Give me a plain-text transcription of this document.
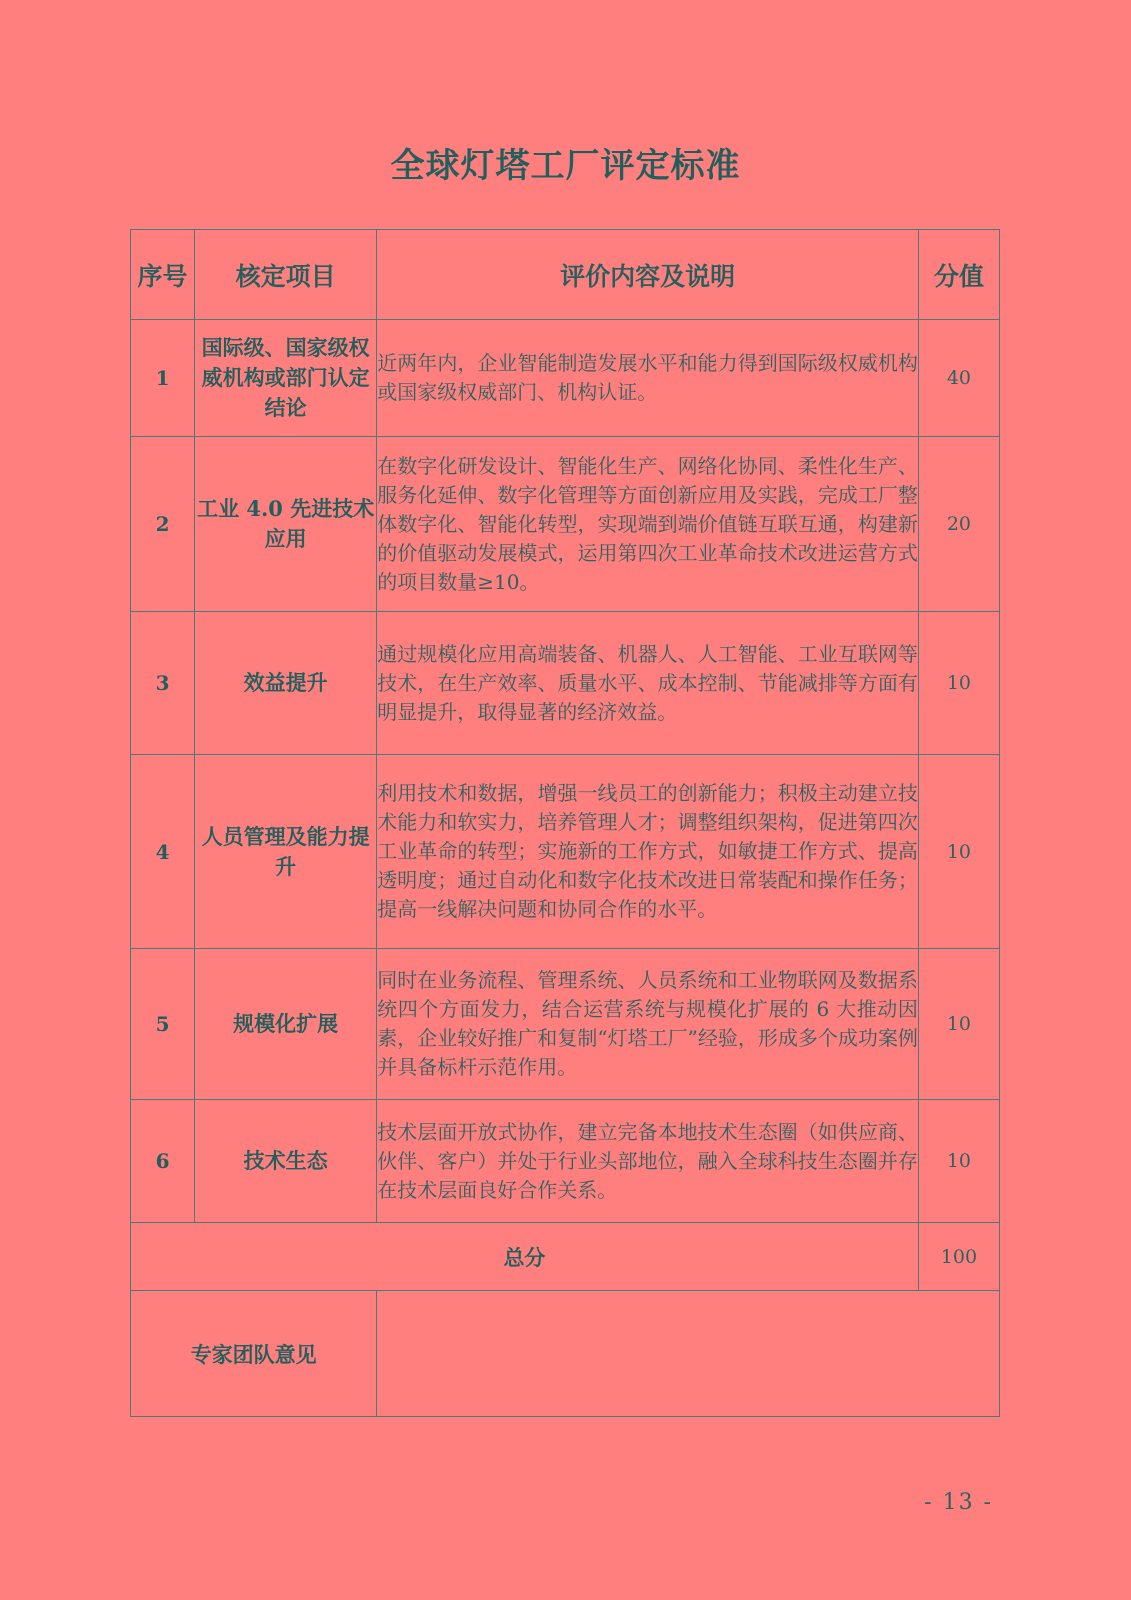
全球灯塔工厂评定标准
序号	核定项目	评价内容及说明	分值
1	国际级、国家级权威机构或部门认定结论	近两年内，企业智能制造发展水平和能力得到国际级权威机构或国家级权威部门、机构认证。	40
2	工业 4.0 先进技术应用	在数字化研发设计、智能化生产、网络化协同、柔性化生产、服务化延伸、数字化管理等方面创新应用及实践，完成工厂整体数字化、智能化转型，实现端到端价值链互联互通，构建新的价值驱动发展模式，运用第四次工业革命技术改进运营方式的项目数量≥10。	20
3	效益提升	通过规模化应用高端装备、机器人、人工智能、工业互联网等技术，在生产效率、质量水平、成本控制、节能减排等方面有明显提升，取得显著的经济效益。	10
4	人员管理及能力提升	利用技术和数据，增强一线员工的创新能力；积极主动建立技术能力和软实力，培养管理人才；调整组织架构，促进第四次工业革命的转型；实施新的工作方式，如敏捷工作方式、提高透明度；通过自动化和数字化技术改进日常装配和操作任务；提高一线解决问题和协同合作的水平。	10
5	规模化扩展	同时在业务流程、管理系统、人员系统和工业物联网及数据系统四个方面发力，结合运营系统与规模化扩展的 6 大推动因素，企业较好推广和复制“灯塔工厂”经验，形成多个成功案例并具备标杆示范作用。	10
6	技术生态	技术层面开放式协作，建立完备本地技术生态圈（如供应商、伙伴、客户）并处于行业头部地位，融入全球科技生态圈并存在技术层面良好合作关系。	10
总分			100
专家团队意见			
- 13 -
